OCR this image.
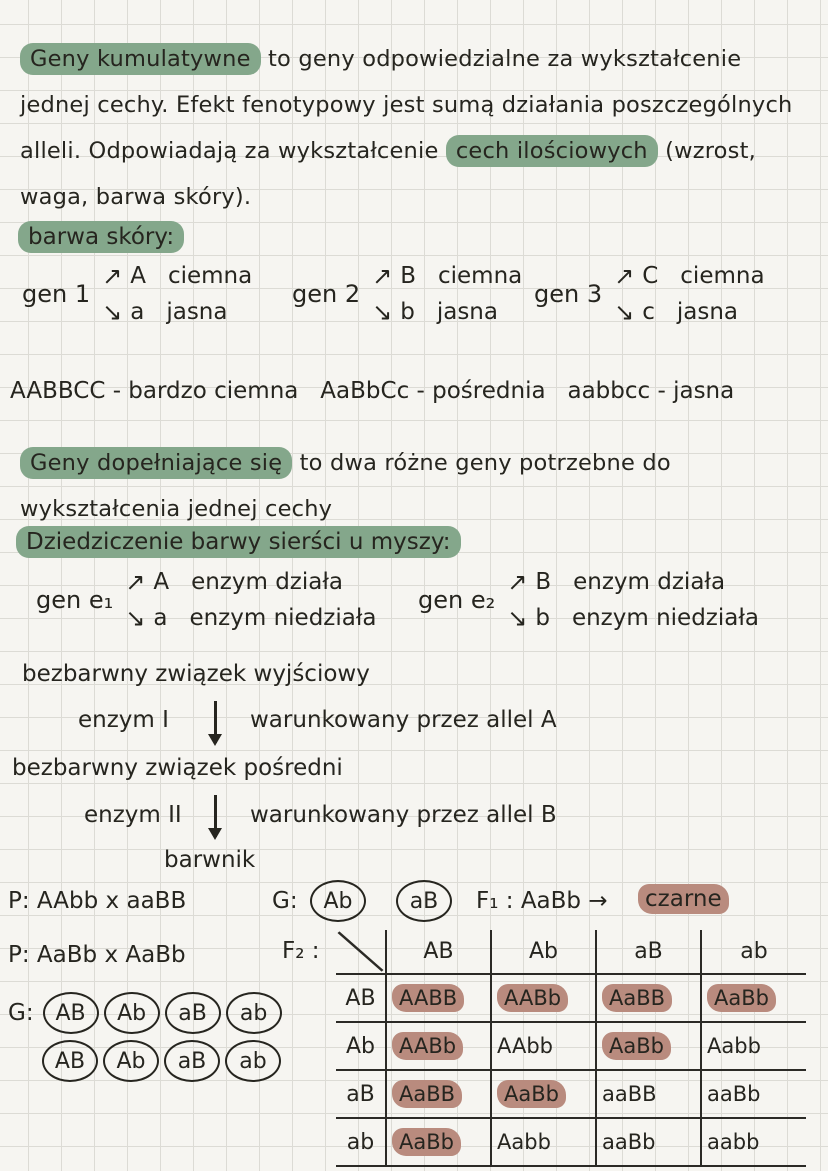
Geny kumulatywne to geny odpowiedzialne za wykształcenie jednej cechy. Efekt fenotypowy jest sumą działania poszczególnych alleli. Odpowiadają za wykształcenie cech ilościowych (wzrost, waga, barwa skóry).

barwa skóry:
gen 1
↗
↘
A ciemna
a jasna
gen 2
↗
↘
B ciemna
b jasna
gen 3
↗
↘
C ciemna
c jasna
AABBCC - bardzo ciemna   AaBbCc - pośrednia   aabbcc - jasna

Geny dopełniające się to dwa różne geny potrzebne do wykształcenia jednej cechy

Dziedziczenie barwy sierści u myszy:
gen e₁
↗
↘
A enzym działa
a enzym niedziała
gen e₂
↗
↘
B enzym działa
b enzym niedziała
bezbarwny związek wyjściowy
enzym I	warunkowany przez allel A
bezbarwny związek pośredni
enzym II	warunkowany przez allel B
barwnik
P: AAbb x aaBB	G: Ab	aB F₁ : AaBb →	czarne
P: AaBb x AaBb
G: AB Ab aB ab
AB Ab aB ab
F₂ :
		AB	Ab	aB	ab
AB	AABB	AABb	AaBB	AaBb
Ab	AABb	AAbb	AaBb	Aabb
aB	AaBB	AaBb	aaBB	aaBb
ab	AaBb	Aabb	aaBb	aabb
